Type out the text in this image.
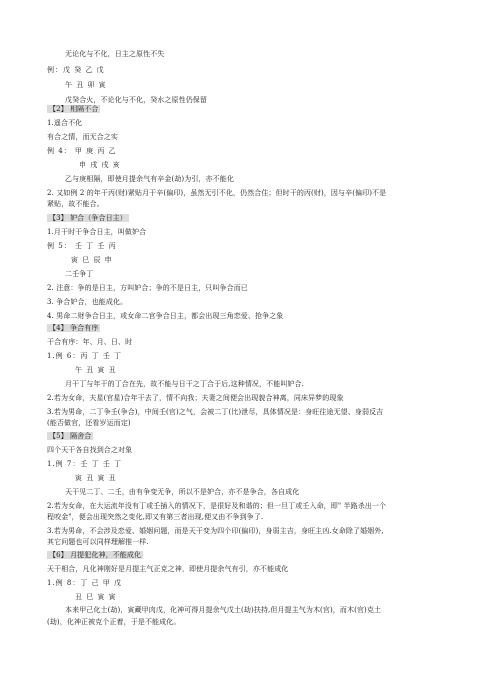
无论化与不化，日主之原性不失
例：戊 癸 乙 戊
午 丑 卯 寅
戊癸合火，不论化与不化，癸水之原性仍保留
【2】 相隔不合
1.遥合不化
有合之情，而无合之实
例 4： 甲 庚 丙 乙
申 戌 戌 亥
乙与庚相隔，即使月提余气有辛金(劫)为引，亦不能化
2. 又如例 2 的年干丙(财)紧贴月干辛(偏印)，虽然无引不化，仍然合住；但时干的丙(财)，因与辛(偏印)不是
紧贴，故不能合。
【3】 妒合（争合日主）
1.月干时干争合日主，叫做妒合
例 5： 壬 丁 壬 丙
寅 巳 辰 申
二壬争丁
2. 注意：争的是日主，方叫妒合；争的不是日主，只叫争合而已
3. 争合妒合，也能成化。
4. 男命二财争合日主，或女命二官争合日主，都会出现三角恋爱、抢争之象
【4】 争合有序
干合有序：年、月、日、时
1.例 6：丙 丁 壬 丁
午 丑 寅 丑
月干丁与年干的丁合在先，故不能与日干之丁合于后,这种情况，不能叫妒合.
2.若为女命，夫星(官星)合年干去了，情不向我；夫妻之间便会出现貌合神离，同床异梦的现象
3.若为男命，二丁争壬(争合)，中间壬(官)之气，会被二丁(比)泄尽，具体情况是：身旺往途无望、身弱反吉
(能否做官，还看岁运而定)
【5】 隔舍合
四个天干各自找到合之对象
1.例 7：壬 丁 壬 丁
寅 丑 寅 丑
天干见二丁、二壬，由有争变无争，所以不是妒合，亦不是争合，各自成化
2.若为女命，在大运流年没有丁或壬插入的情况下，是很好及和谐的；但一旦丁或壬入命，即" 半路杀出一个
程咬金"，便会出现突然之变化,即又有第三者出现,便又由不争到争了.
3.若为男命，不会涉及恋爱、婚姻问题，而是天干变为四个印(偏印)，身弱主吉，身旺主凶.女命除了婚姻外,
其它问题也可以同样理解推一样.
【6】 月提犯化神，不能成化
天干相合，凡化神刚好是月提主气正克之神，即使月提余气有引，亦不能成化
1.例 8：丁 己 甲 戊
丑 巳 寅 寅
本来甲己化土(劫)，寅藏甲肉戊，化神可得月提余气戊土(劫)扶持,但月提主气为木(官)，而木(官)克土
(劫)，化神正被克个正着，于是不能成化。
